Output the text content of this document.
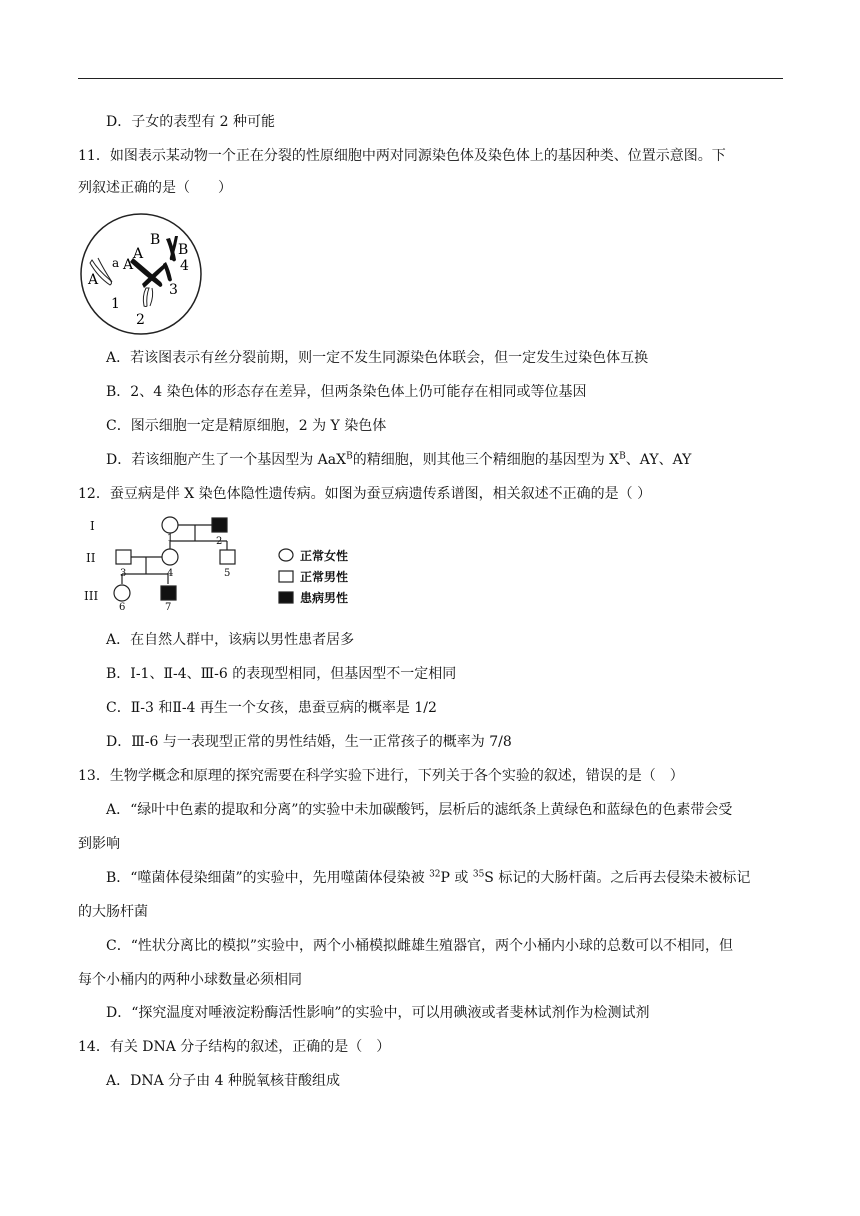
D．子女的表型有 2 种可能
11．如图表示某动物一个正在分裂的性原细胞中两对同源染色体及染色体上的基因种类、位置示意图。下
列叙述正确的是（　　）
A
a A
A
B
B
1
2
3
4
A．若该图表示有丝分裂前期，则一定不发生同源染色体联会，但一定发生过染色体互换
B．2、4 染色体的形态存在差异，但两条染色体上仍可能存在相同或等位基因
C．图示细胞一定是精原细胞，2 为 Y 染色体
D．若该细胞产生了一个基因型为 AaX$^B$的精细胞，则其他三个精细胞的基因型为 $X^B$、AY、AY
12．蚕豆病是伴 X 染色体隐性遗传病。如图为蚕豆病遗传系谱图，相关叙述不正确的是（ ）
I
II
III
1	2
3	4	5
6	7
正常女性
正常男性
患病男性
A．在自然人群中，该病以男性患者居多
B．Ⅰ-1、Ⅱ-4、Ⅲ-6 的表现型相同，但基因型不一定相同
C．Ⅱ-3 和Ⅱ-4 再生一个女孩，患蚕豆病的概率是 1/2
D．Ⅲ-6 与一表现型正常的男性结婚，生一正常孩子的概率为 7/8
13．生物学概念和原理的探究需要在科学实验下进行，下列关于各个实验的叙述，错误的是（　）
A．“绿叶中色素的提取和分离”的实验中未加碳酸钙，层析后的滤纸条上黄绿色和蓝绿色的色素带会受
到影响
B．“噬菌体侵染细菌”的实验中，先用噬菌体侵染被 $^{32}$P 或 $^{35}$S 标记的大肠杆菌。之后再去侵染未被标记
的大肠杆菌
C．“性状分离比的模拟”实验中，两个小桶模拟雌雄生殖器官，两个小桶内小球的总数可以不相同，但
每个小桶内的两种小球数量必须相同
D．“探究温度对唾液淀粉酶活性影响”的实验中，可以用碘液或者斐林试剂作为检测试剂
14．有关 DNA 分子结构的叙述，正确的是（　）
A．DNA 分子由 4 种脱氧核苷酸组成
